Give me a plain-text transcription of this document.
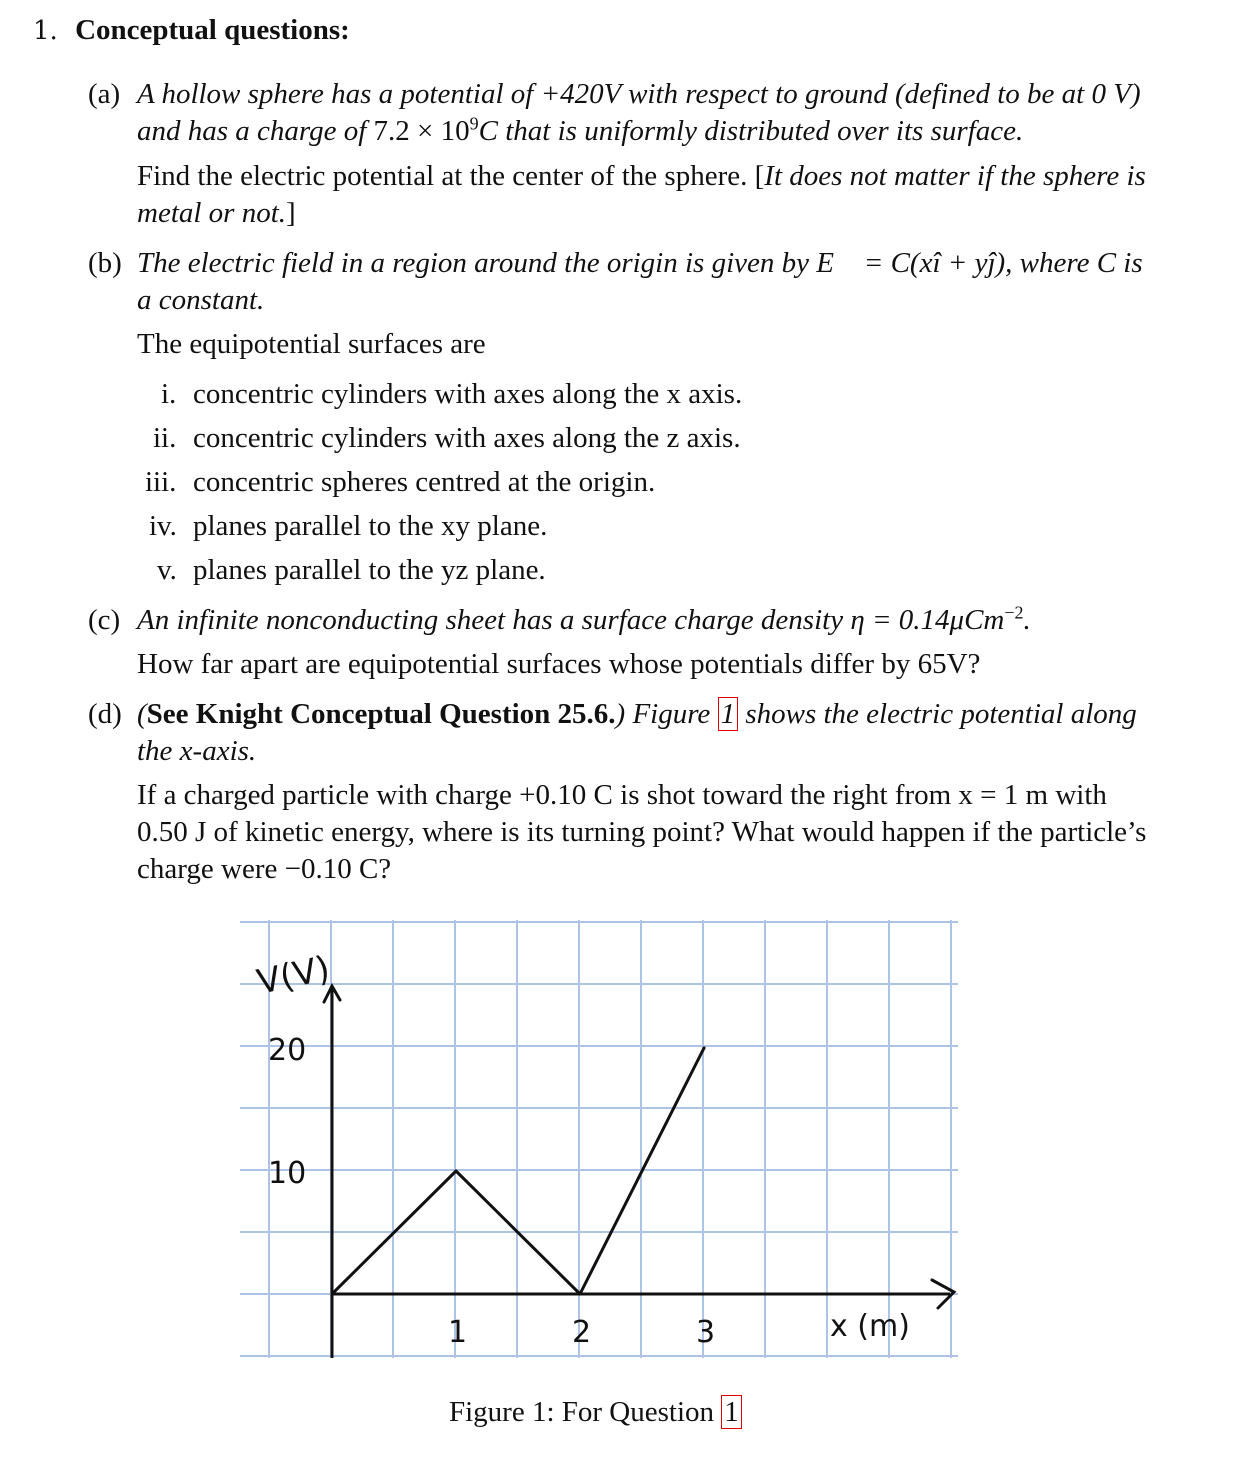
1. Conceptual questions:
(a) A hollow sphere has a potential of +420V with respect to ground (defined to be at 0 V)
and has a charge of $7.2 \times 10^9C$ that is uniformly distributed over its surface.
Find the electric potential at the center of the sphere. [It does not matter if the sphere is
metal or not.]
(b) The electric field in a region around the origin is given by E⃗ = C(xî + yĵ), where C is
a constant.
The equipotential surfaces are
i. concentric cylinders with axes along the x axis.
ii. concentric cylinders with axes along the z axis.
iii. concentric spheres centred at the origin.
iv. planes parallel to the xy plane.
v. planes parallel to the yz plane.
(c) An infinite nonconducting sheet has a surface charge density η = 0.14μCm$^{-2}$.
How far apart are equipotential surfaces whose potentials differ by 65V?
(d) (See Knight Conceptual Question 25.6.) Figure 1 shows the electric potential along
the x-axis.
If a charged particle with charge +0.10 C is shot toward the right from x = 1 m with
0.50 J of kinetic energy, where is its turning point? What would happen if the particle’s
charge were −0.10 C?
1	2	3
10
20
V(V)
x (m)
Figure 1: For Question 1
